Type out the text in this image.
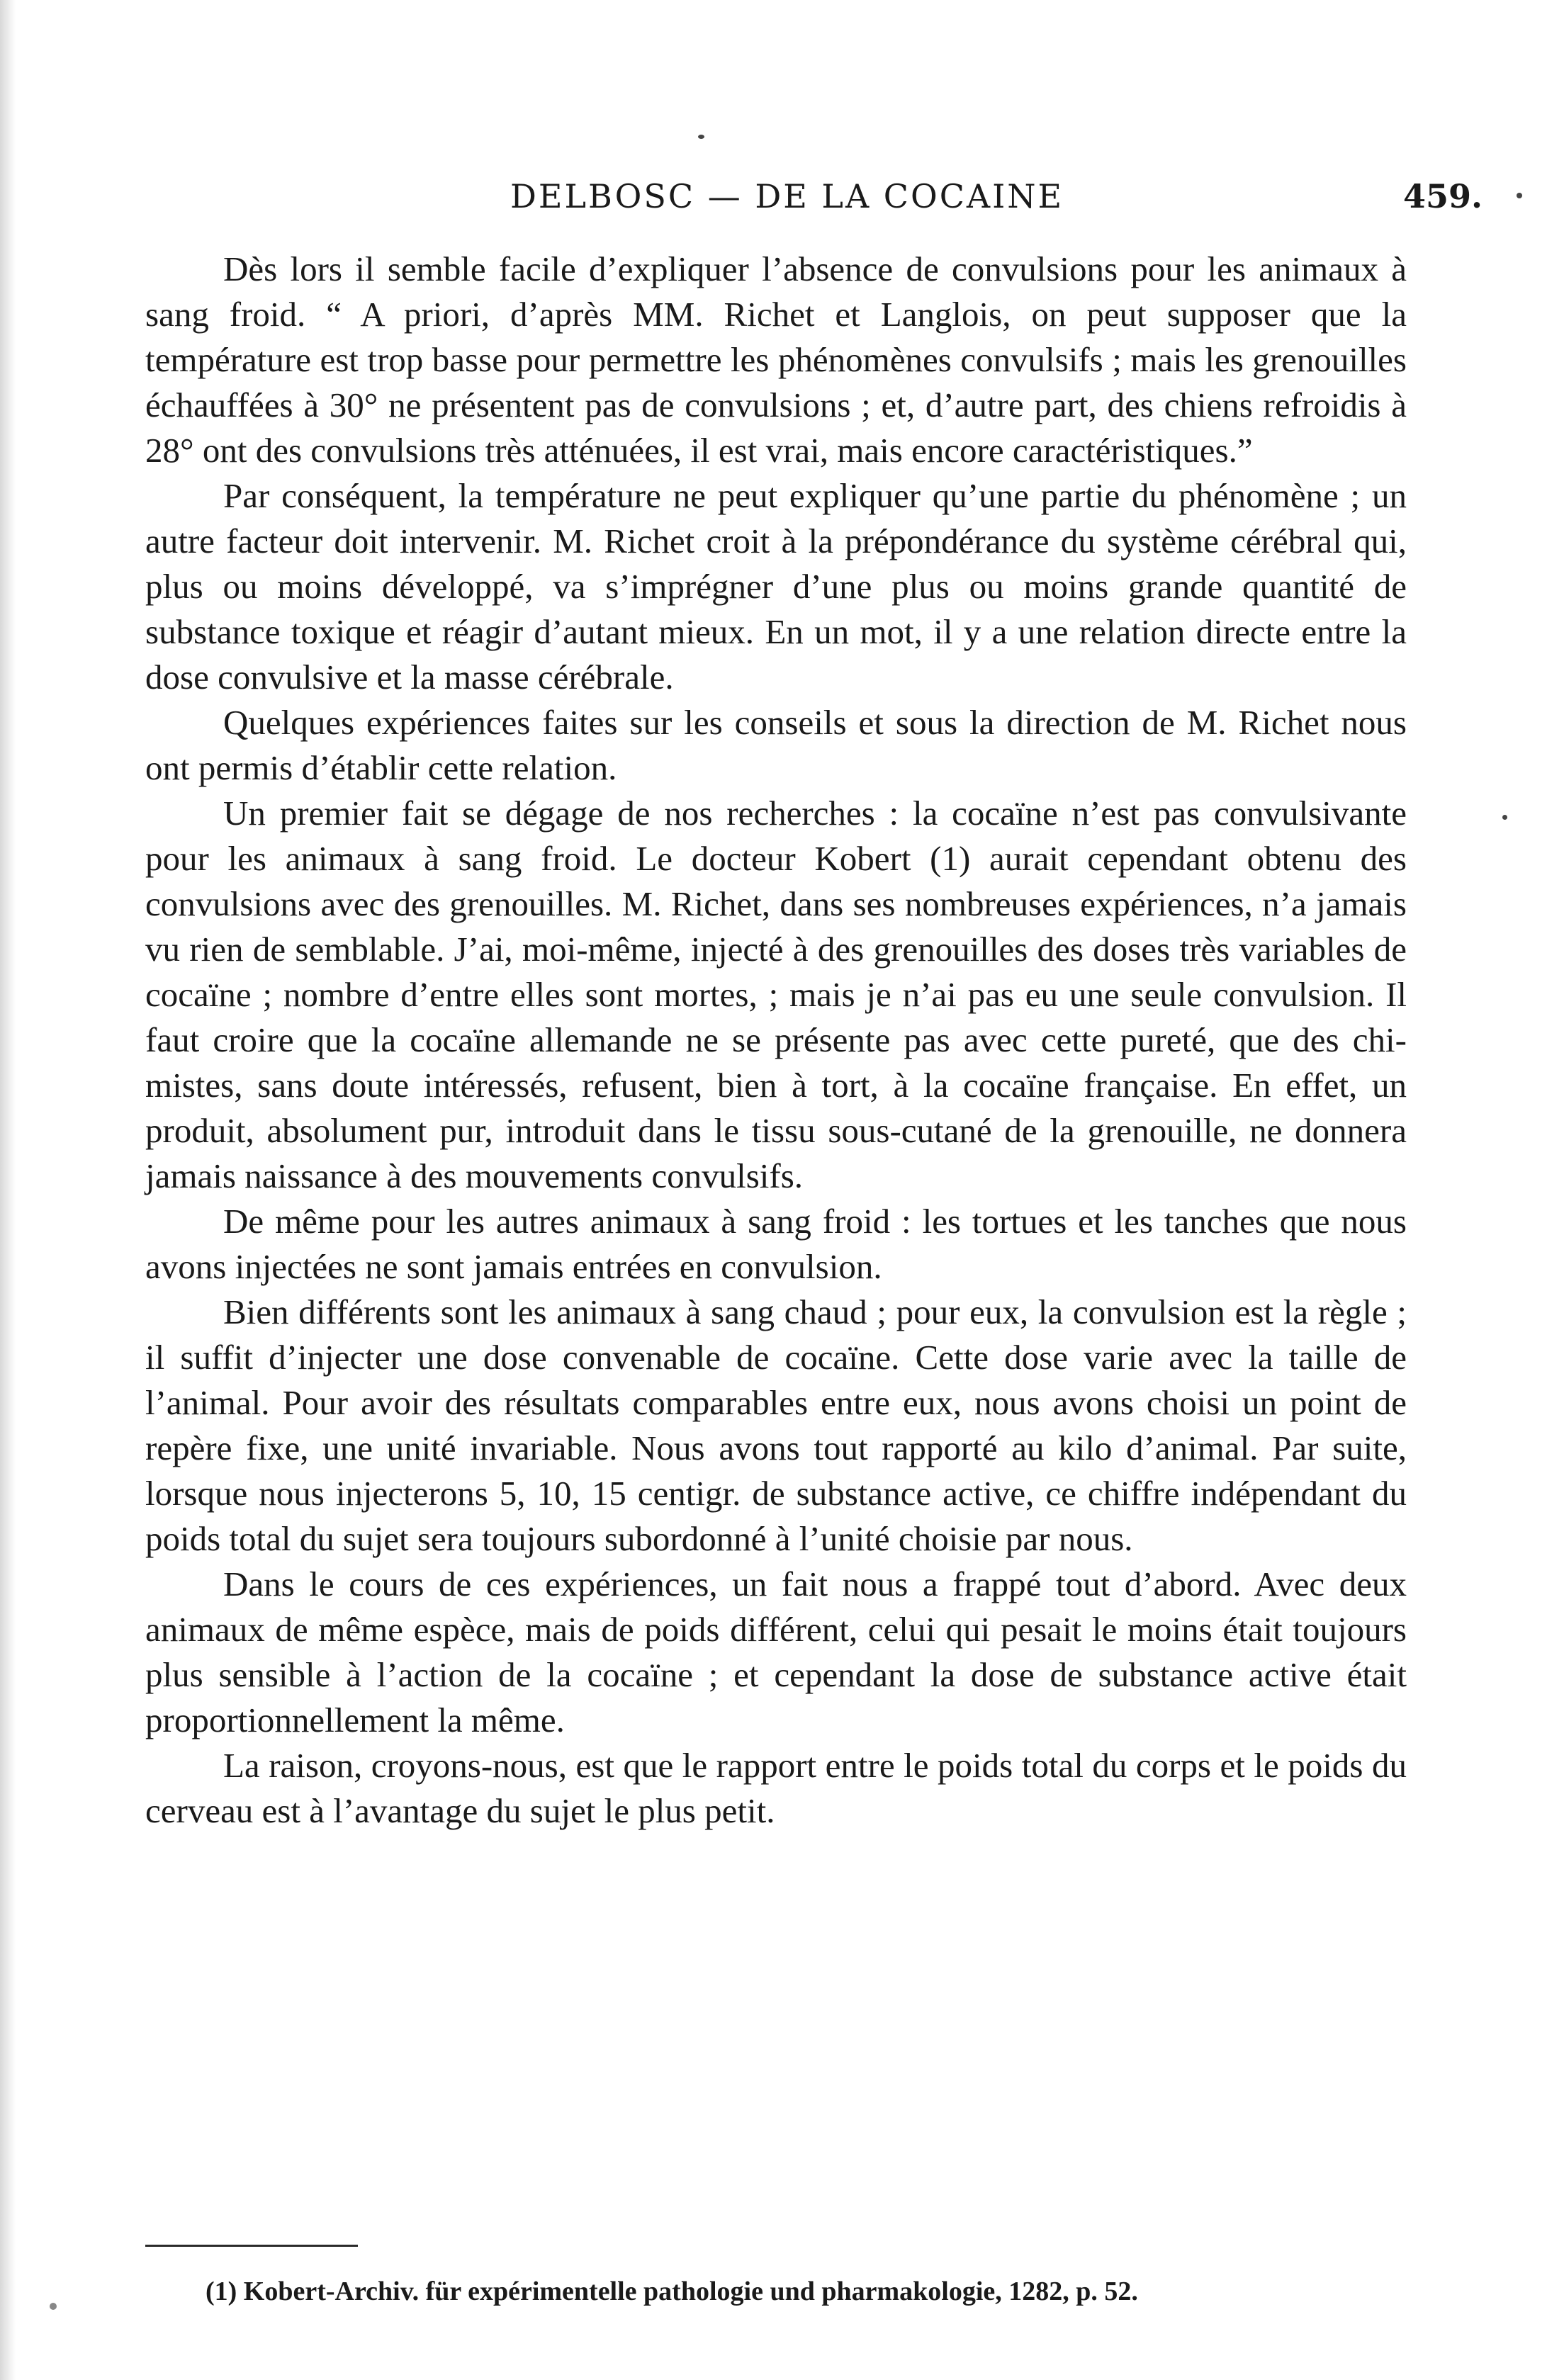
DELBOSC — DE LA COCAINE	459.

Dès lors il semble facile d’expliquer l’absence de convulsions pour les animaux à sang froid. “ A priori, d’après MM. Richet et Langlois, on peut supposer que la température est trop basse pour permettre les phénomènes convulsifs ; mais les grenouilles échauffées à 30° ne présentent pas de convulsions ; et, d’autre part, des chiens refroidis à 28° ont des convulsions très atténuées, il est vrai, mais encore caractéristiques.”

Par conséquent, la température ne peut expliquer qu’une partie du phénomène ; un autre facteur doit intervenir. M. Richet croit à la prépondérance du système cérébral qui, plus ou moins développé, va s’imprégner d’une plus ou moins grande quantité de substance toxique et réagir d’autant mieux. En un mot, il y a une relation directe entre la dose convulsive et la masse cérébrale.

Quelques expériences faites sur les conseils et sous la direction de M. Richet nous ont permis d’établir cette relation.

Un premier fait se dégage de nos recherches : la cocaïne n’est pas convulsivante pour les animaux à sang froid. Le docteur Kobert (1) aurait cependant obtenu des convulsions avec des grenouilles. M. Richet, dans ses nombreuses expériences, n’a jamais vu rien de semblable. J’ai, moi-même, injecté à des grenouilles des doses très variables de cocaïne ; nombre d’entre elles sont mortes, ; mais je n’ai pas eu une seule convulsion. Il faut croire que la cocaïne allemande ne se présente pas avec cette pureté, que des chimistes, sans doute intéressés, refusent, bien à tort, à la cocaïne française. En effet, un produit, absolument pur, introduit dans le tissu sous-cutané de la grenouille, ne donnera jamais naissance à des mouvements convulsifs.

De même pour les autres animaux à sang froid : les tortues et les tanches que nous avons injectées ne sont jamais entrées en convulsion.

Bien différents sont les animaux à sang chaud ; pour eux, la convulsion est la règle ; il suffit d’injecter une dose convenable de cocaïne. Cette dose varie avec la taille de l’animal. Pour avoir des résultats comparables entre eux, nous avons choisi un point de repère fixe, une unité invariable. Nous avons tout rapporté au kilo d’animal. Par suite, lorsque nous injecterons 5, 10, 15 centigr. de substance active, ce chiffre indépendant du poids total du sujet sera toujours subordonné à l’unité choisie par nous.

Dans le cours de ces expériences, un fait nous a frappé tout d’abord. Avec deux animaux de même espèce, mais de poids différent, celui qui pesait le moins était toujours plus sensible à l’action de la cocaïne ; et cependant la dose de substance active était proportionnellement la même.

La raison, croyons-nous, est que le rapport entre le poids total du corps et le poids du cerveau est à l’avantage du sujet le plus petit.

(1) Kobert-Archiv. für expérimentelle pathologie und pharmakologie, 1282, p. 52.
